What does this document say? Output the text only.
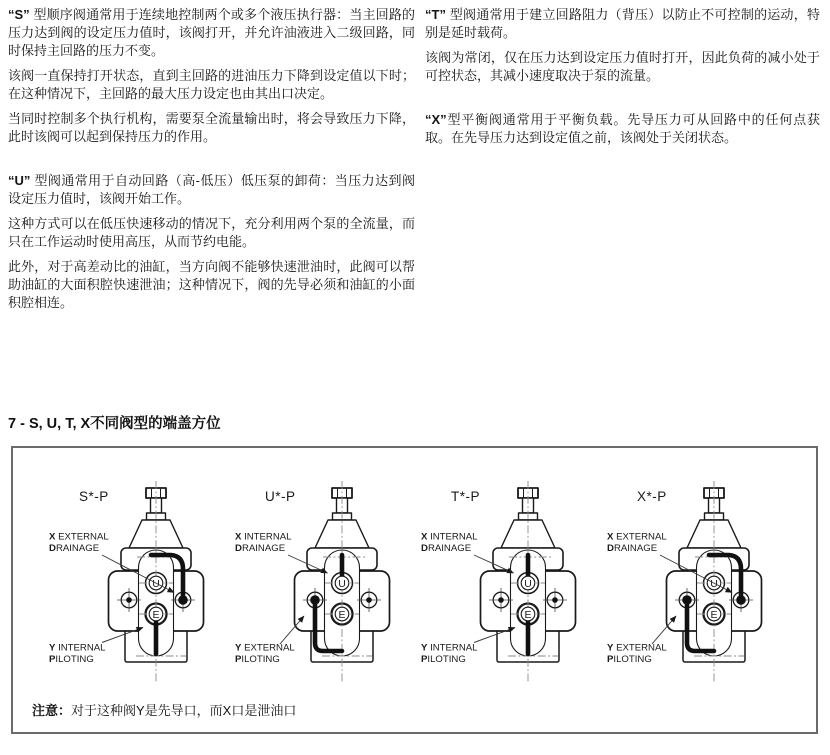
“S” 型顺序阀通常用于连续地控制两个或多个液压执行器：当主回路的压力达到阀的设定压力值时，该阀打开，并允许油液进入二级回路，同时保持主回路的压力不变。

该阀一直保持打开状态，直到主回路的进油压力下降到设定值以下时；在这种情况下，主回路的最大压力设定也由其出口决定。

当同时控制多个执行机构，需要泵全流量输出时，将会导致压力下降，此时该阀可以起到保持压力的作用。

“U” 型阀通常用于自动回路（高-低压）低压泵的卸荷：当压力达到阀设定压力值时，该阀开始工作。

这种方式可以在低压快速移动的情况下，充分利用两个泵的全流量，而只在工作运动时使用高压，从而节约电能。

此外，对于高差动比的油缸，当方向阀不能够快速泄油时，此阀可以帮助油缸的大面积腔快速泄油；这种情况下，阀的先导必须和油缸的小面积腔相连。

“T” 型阀通常用于建立回路阻力（背压）以防止不可控制的运动，特别是延时载荷。

该阀为常闭，仅在压力达到设定压力值时打开，因此负荷的减小处于可控状态，其减小速度取决于泵的流量。

“X”型平衡阀通常用于平衡负载。先导压力可从回路中的任何点获取。在先导压力达到设定值之前，该阀处于关闭状态。

7 - S, U, T, X不同阀型的端盖方位

注意：对于这种阀Y是先导口，而X口是泄油口

U
E
S*-P
X EXTERNAL
DRAINAGE
Y INTERNAL
PILOTING
U
E
U*-P
X INTERNAL
DRAINAGE
Y EXTERNAL
PILOTING
U
E
T*-P
X INTERNAL
DRAINAGE
Y INTERNAL
PILOTING
U
E
X*-P
X EXTERNAL
DRAINAGE
Y EXTERNAL
PILOTING
